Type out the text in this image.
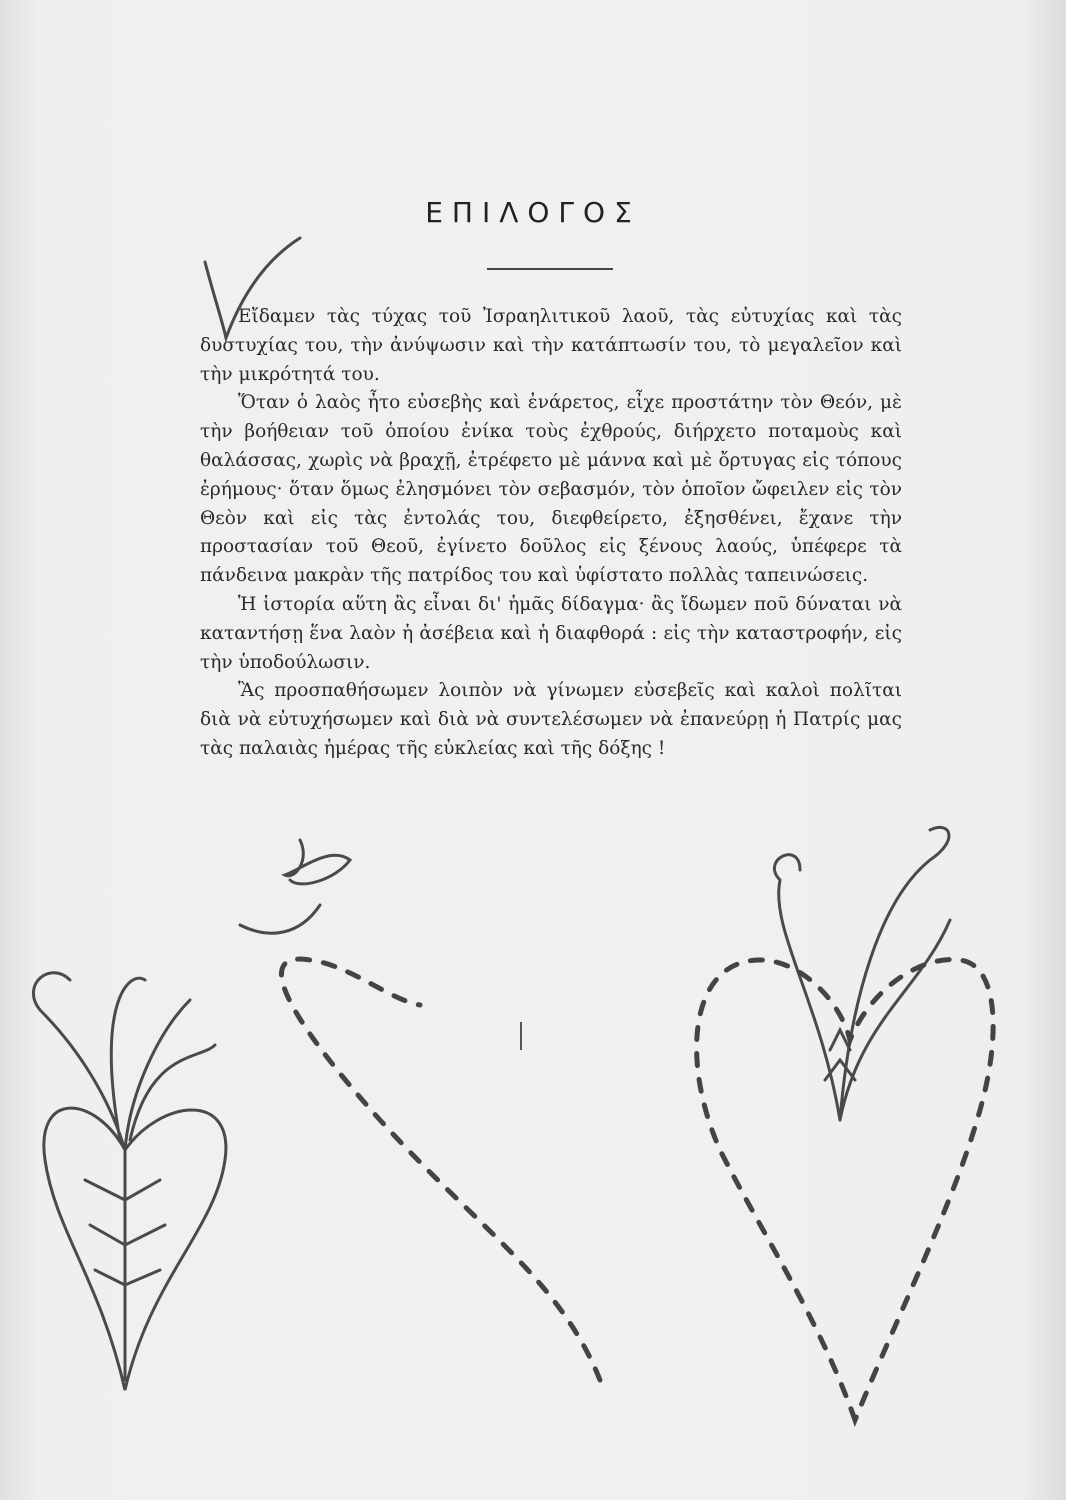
ΕΠΙΛΟΓΟΣ

Εἴδαμεν τὰς τύχας τοῦ Ἰσραηλιτικοῦ λαοῦ, τὰς εὐτυχίας καὶ τὰς δυστυχίας του, τὴν ἀνύψωσιν καὶ τὴν κατάπτωσίν του, τὸ μεγαλεῖον καὶ τὴν μικρότητά του.

Ὅταν ὁ λαὸς ἦτο εὐσεβὴς καὶ ἐνάρετος, εἶχε προστάτην τὸν Θεόν, μὲ τὴν βοήθειαν τοῦ ὁποίου ἐνίκα τοὺς ἐχθρούς, διήρχετο ποταμοὺς καὶ θαλάσσας, χωρὶς νὰ βραχῇ, ἐτρέφετο μὲ μάννα καὶ μὲ ὄρτυγας εἰς τόπους ἐρήμους· ὅταν ὅμως ἐλησμόνει τὸν σεβασμόν, τὸν ὁποῖον ὤφειλεν εἰς τὸν Θεὸν καὶ εἰς τὰς ἐντολάς του, διεφθείρετο, ἐξησθένει, ἔχανε τὴν προστασίαν τοῦ Θεοῦ, ἐγίνετο δοῦλος εἰς ξένους λαούς, ὑπέφερε τὰ πάνδεινα μακρὰν τῆς πατρίδος του καὶ ὑφίστατο πολλὰς ταπεινώσεις.

Ἡ ἱστορία αὕτη ἂς εἶναι δι' ἡμᾶς δίδαγμα· ἂς ἴδωμεν ποῦ δύναται νὰ καταντήσῃ ἕνα λαὸν ἡ ἀσέβεια καὶ ἡ διαφθορά : εἰς τὴν καταστροφήν, εἰς τὴν ὑποδούλωσιν.

Ἂς προσπαθήσωμεν λοιπὸν νὰ γίνωμεν εὐσεβεῖς καὶ καλοὶ πολῖται διὰ νὰ εὐτυχήσωμεν καὶ διὰ νὰ συντελέσωμεν νὰ ἐπανεύρῃ ἡ Πατρίς μας τὰς παλαιὰς ἡμέρας τῆς εὐκλείας καὶ τῆς δόξης !
